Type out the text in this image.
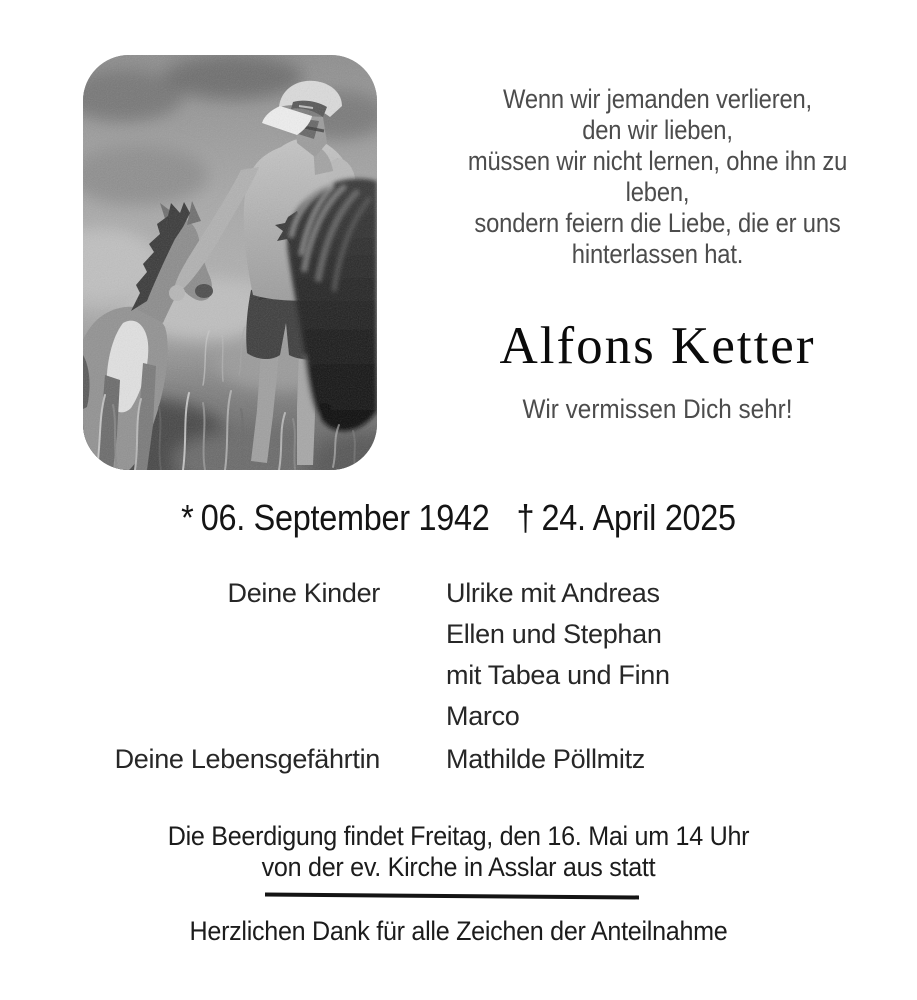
Wenn wir jemanden verlieren,
den wir lieben,
müssen wir nicht lernen, ohne ihn zu
leben,
sondern feiern die Liebe, die er uns
hinterlassen hat.
Alfons Ketter
Wir vermissen Dich sehr!
* 06. September 1942 † 24. April 2025
Deine Kinder Ulrike mit Andreas
Ellen und Stephan
mit Tabea und Finn
Marco
Deine Lebensgefährtin Mathilde Pöllmitz
Die Beerdigung findet Freitag, den 16. Mai um 14 Uhr
von der ev. Kirche in Asslar aus statt
Herzlichen Dank für alle Zeichen der Anteilnahme
